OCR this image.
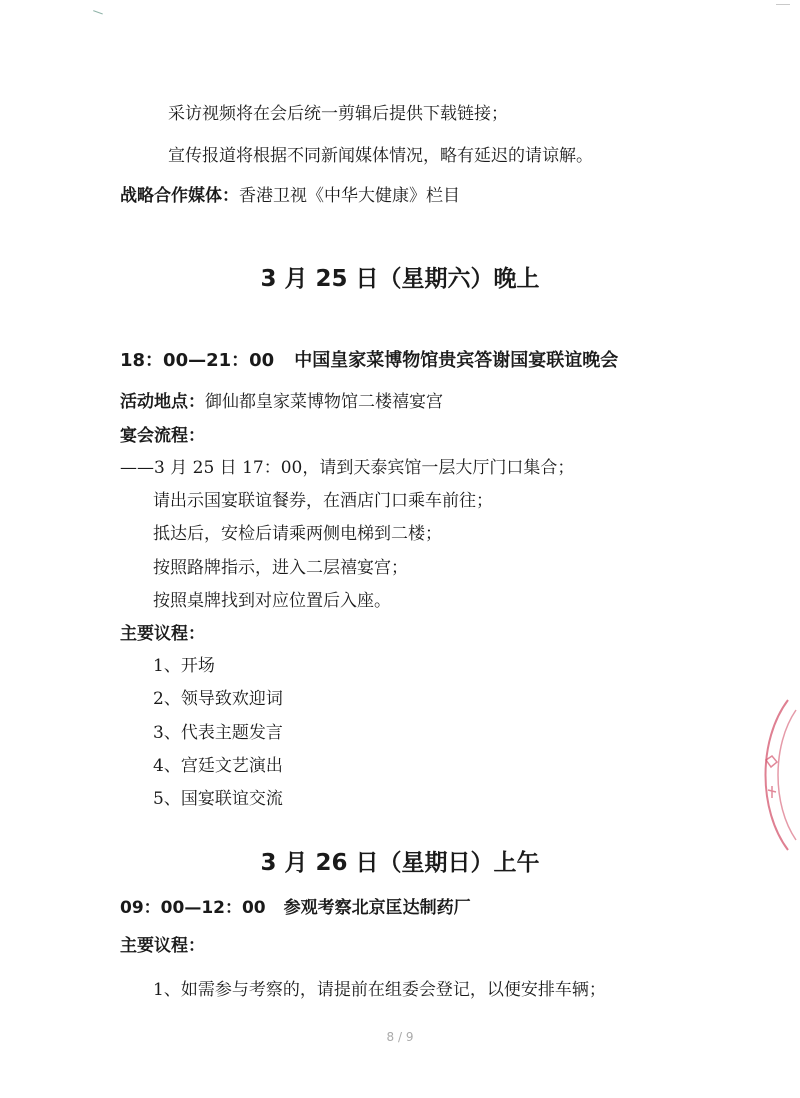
采访视频将在会后统一剪辑后提供下载链接；
宣传报道将根据不同新闻媒体情况，略有延迟的请谅解。
战略合作媒体：香港卫视《中华大健康》栏目
3 月 25 日（星期六）晚上
18：00—21：00 中国皇家菜博物馆贵宾答谢国宴联谊晚会
活动地点：御仙都皇家菜博物馆二楼禧宴宫
宴会流程：
——3 月 25 日 17：00，请到天泰宾馆一层大厅门口集合；
请出示国宴联谊餐券，在酒店门口乘车前往；
抵达后，安检后请乘两侧电梯到二楼；
按照路牌指示，进入二层禧宴宫；
按照桌牌找到对应位置后入座。
主要议程：
1、开场
2、领导致欢迎词
3、代表主题发言
4、宫廷文艺演出
5、国宴联谊交流
3 月 26 日（星期日）上午
09：00—12：00 参观考察北京匡达制药厂
主要议程：
1、如需参与考察的，请提前在组委会登记，以便安排车辆；
8 / 9
